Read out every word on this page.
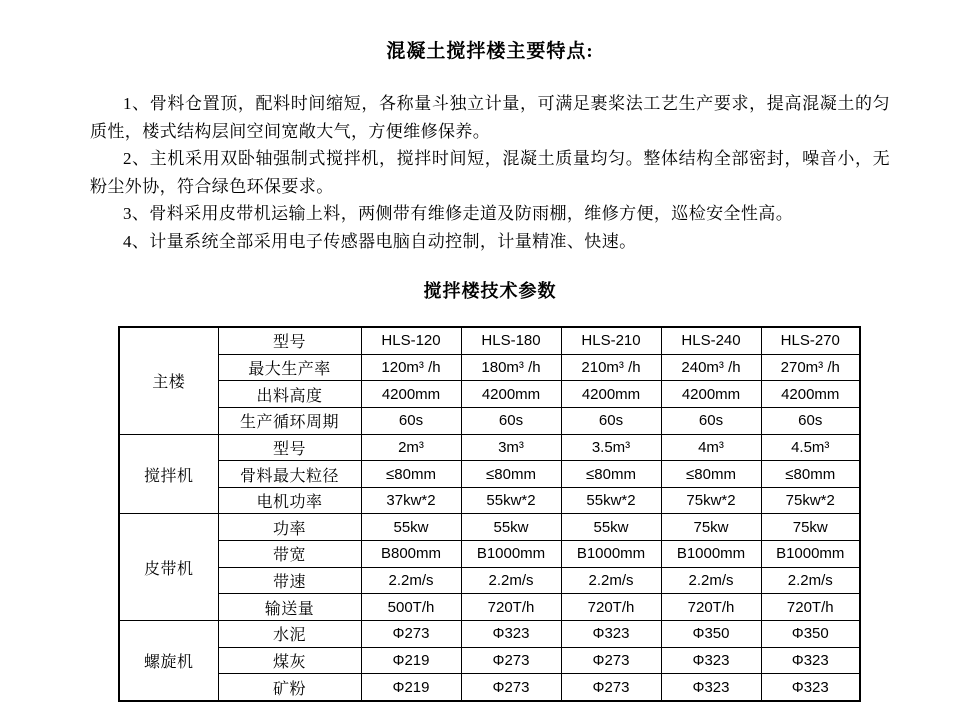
混凝土搅拌楼主要特点:

1、骨料仓置顶，配料时间缩短，各称量斗独立计量，可满足裹桨法工艺生产要求，提高混凝土的匀质性，楼式结构层间空间宽敞大气，方便维修保养。

2、主机采用双卧轴强制式搅拌机，搅拌时间短，混凝土质量均匀。整体结构全部密封，噪音小，无粉尘外协，符合绿色环保要求。

3、骨料采用皮带机运输上料，两侧带有维修走道及防雨棚，维修方便，巡检安全性高。

4、计量系统全部采用电子传感器电脑自动控制，计量精准、快速。

搅拌楼技术参数
主楼	型号	HLS-120	HLS-180	HLS-210	HLS-240	HLS-270
	最大生产率	120m³ /h	180m³ /h	210m³ /h	240m³ /h	270m³ /h
	出料高度	4200mm	4200mm	4200mm	4200mm	4200mm
	生产循环周期	60s	60s	60s	60s	60s
搅拌机	型号	2m³	3m³	3.5m³	4m³	4.5m³
	骨料最大粒径	≤80mm	≤80mm	≤80mm	≤80mm	≤80mm
	电机功率	37kw*2	55kw*2	55kw*2	75kw*2	75kw*2
皮带机	功率	55kw	55kw	55kw	75kw	75kw
	带宽	B800mm	B1000mm	B1000mm	B1000mm	B1000mm
	带速	2.2m/s	2.2m/s	2.2m/s	2.2m/s	2.2m/s
	输送量	500T/h	720T/h	720T/h	720T/h	720T/h
螺旋机	水泥	Φ273	Φ323	Φ323	Φ350	Φ350
	煤灰	Φ219	Φ273	Φ273	Φ323	Φ323
	矿粉	Φ219	Φ273	Φ273	Φ323	Φ323
